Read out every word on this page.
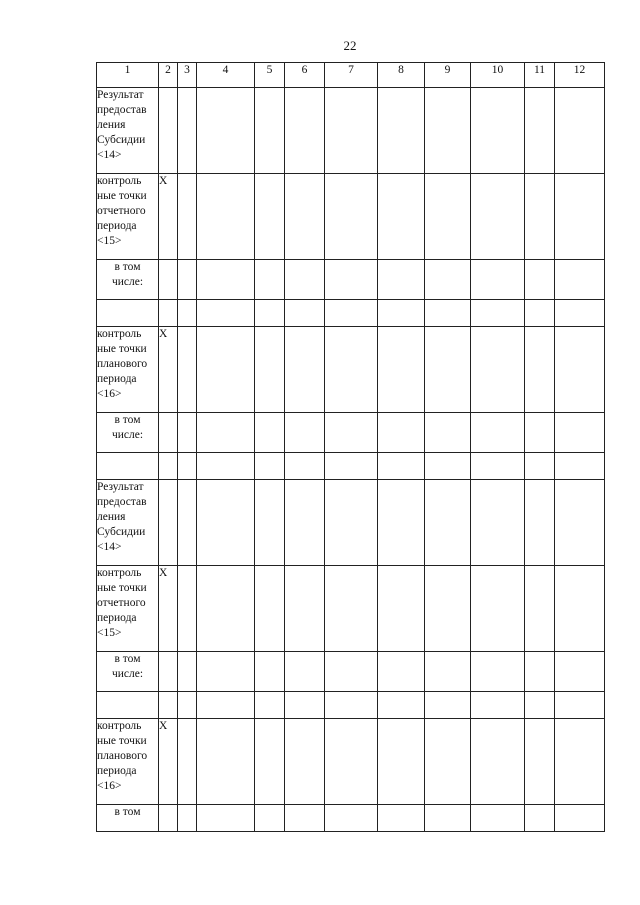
22
1	2	3	4	5	6	7	8	9	10	11	12

Результат
предостав
ления
Субсидии
<14>											

контроль
ные точки
отчетного
периода
<15>	X										

в том
числе:											

контроль
ные точки
планового
периода
<16>	X										

в том
числе:											

Результат
предостав
ления
Субсидии
<14>											

контроль
ные точки
отчетного
периода
<15>	X										

в том
числе:											

контроль
ные точки
планового
периода
<16>	X										

в том											
